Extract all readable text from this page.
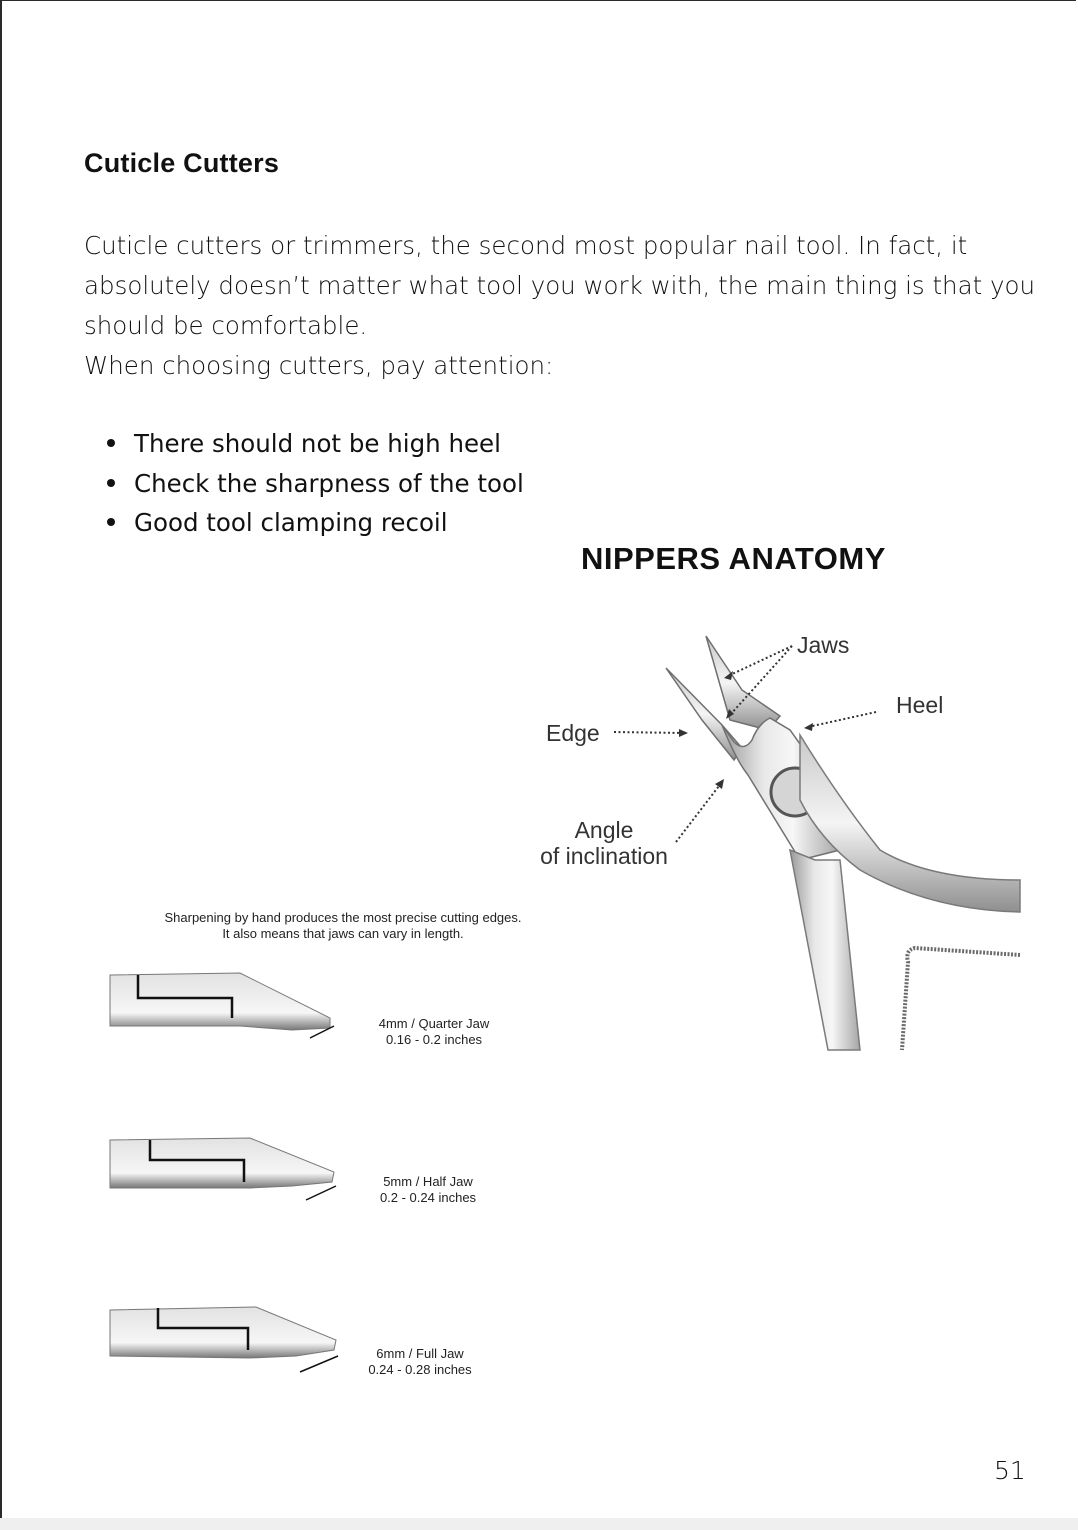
Cuticle Cutters

Cuticle cutters or trimmers, the second most popular nail tool. In fact, it absolutely doesn’t matter what tool you work with, the main thing is that you should be comfortable.

When choosing cutters, pay attention:

There should not be high heel
Check the sharpness of the tool
Good tool clamping recoil
NIPPERS ANATOMY
Jaws
Heel
Edge
Angle
of inclination
Sharpening by hand produces the most precise cutting edges.
It also means that jaws can vary in length.
4mm / Quarter Jaw
0.16 - 0.2 inches
5mm / Half Jaw
0.2 - 0.24 inches
6mm / Full Jaw
0.24 - 0.28 inches
51
